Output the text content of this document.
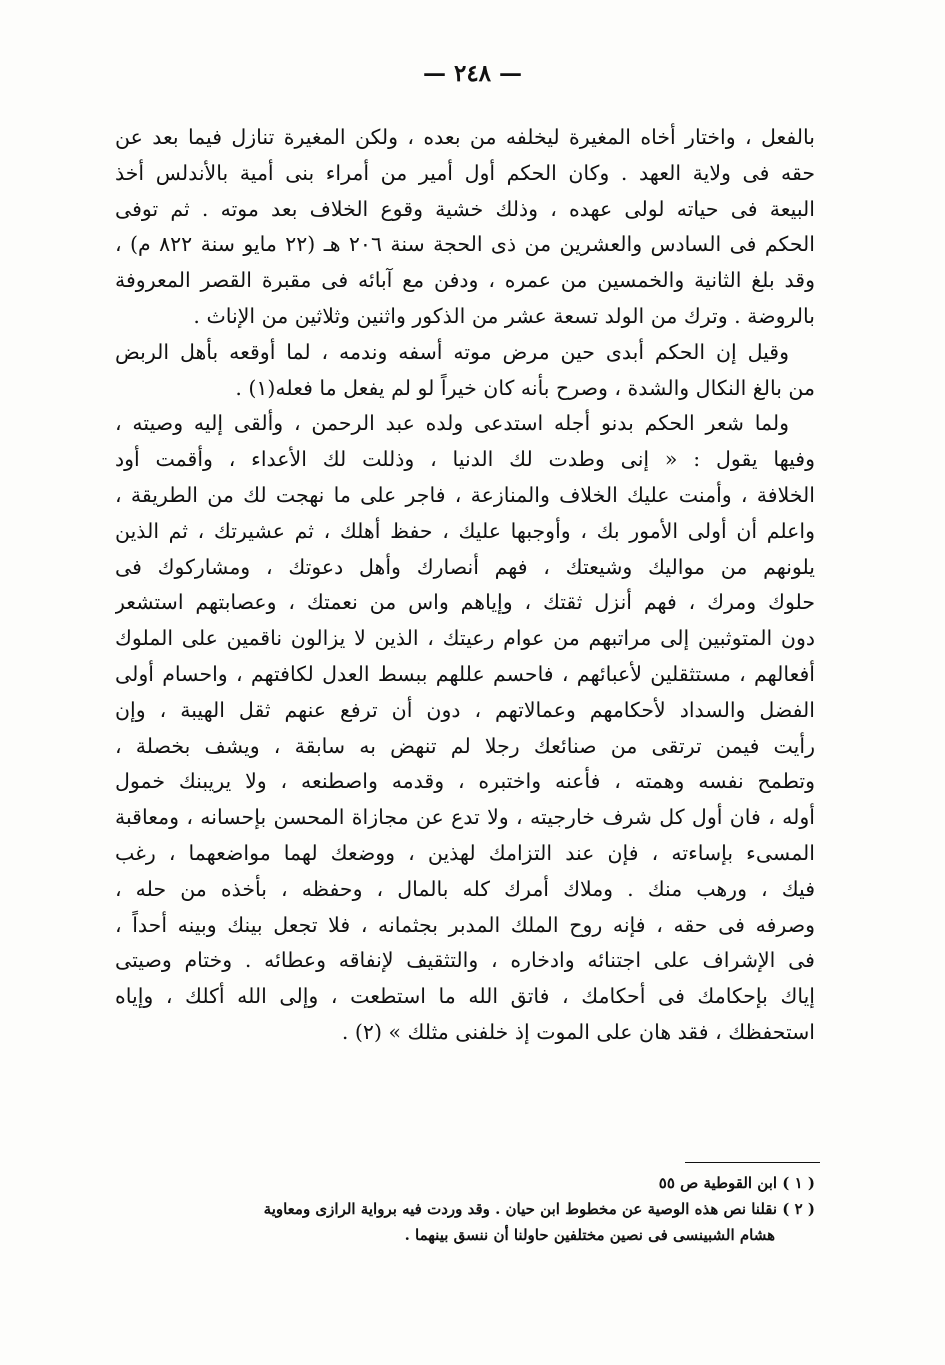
— ٢٤٨ —
بالفعل ، واختار أخاه المغيرة ليخلفه من بعده ، ولكن المغيرة تنازل فيما بعد عن
حقه فى ولاية العهد . وكان الحكم أول أمير من أمراء بنى أمية بالأندلس أخذ
البيعة فى حياته لولى عهده ، وذلك خشية وقوع الخلاف بعد موته . ثم توفى
الحكم فى السادس والعشرين من ذى الحجة سنة ٢٠٦ هـ (٢٢ مايو سنة ٨٢٢ م) ،
وقد بلغ الثانية والخمسين من عمره ، ودفن مع آبائه فى مقبرة القصر المعروفة
بالروضة . وترك من الولد تسعة عشر من الذكور واثنين وثلاثين من الإناث .
وقيل إن الحكم أبدى حين مرض موته أسفه وندمه ، لما أوقعه بأهل الربض
من بالغ النكال والشدة ، وصرح بأنه كان خيراً لو لم يفعل ما فعله(١) .
ولما شعر الحكم بدنو أجله استدعى ولده عبد الرحمن ، وألقى إليه وصيته ،
وفيها يقول : « إنى وطدت لك الدنيا ، وذللت لك الأعداء ، وأقمت أود
الخلافة ، وأمنت عليك الخلاف والمنازعة ، فاجر على ما نهجت لك من الطريقة ،
واعلم أن أولى الأمور بك ، وأوجبها عليك ، حفظ أهلك ، ثم عشيرتك ، ثم الذين
يلونهم من مواليك وشيعتك ، فهم أنصارك وأهل دعوتك ، ومشاركوك فى
حلوك ومرك ، فهم أنزل ثقتك ، وإياهم واس من نعمتك ، وعصابتهم استشعر
دون المتوثبين إلى مراتبهم من عوام رعيتك ، الذين لا يزالون ناقمين على الملوك
أفعالهم ، مستثقلين لأعبائهم ، فاحسم عللهم ببسط العدل لكافتهم ، واحسام أولى
الفضل والسداد لأحكامهم وعمالاتهم ، دون أن ترفع عنهم ثقل الهيبة ، وإن
رأيت فيمن ترتقى من صنائعك رجلا لم تنهض به سابقة ، ويشف بخصلة ،
وتطمح نفسه وهمته ، فأعنه واختبره ، وقدمه واصطنعه ، ولا يريبنك خمول
أوله ، فان أول كل شرف خارجيته ، ولا تدع عن مجازاة المحسن بإحسانه ، ومعاقبة
المسىء بإساءته ، فإن عند التزامك لهذين ، ووضعك لهما مواضعهما ، رغب
فيك ، ورهب منك . وملاك أمرك كله بالمال ، وحفظه ، بأخذه من حله ،
وصرفه فى حقه ، فإنه روح الملك المدبر بجثمانه ، فلا تجعل بينك وبينه أحداً ،
فى الإشراف على اجتنائه وادخاره ، والتثقيف لإنفاقه وعطائه . وختام وصيتى
إياك بإحكامك فى أحكامك ، فاتق الله ما استطعت ، وإلى الله أكلك ، وإياه
استحفظك ، فقد هان على الموت إذ خلفنى مثلك » (٢) .
( ١ ) ابن القوطية ص ٥٥
( ٢ ) نقلنا نص هذه الوصية عن مخطوط ابن حيان . وقد وردت فيه برواية الرازى ومعاوية
هشام الشبينسى فى نصين مختلفين حاولنا أن ننسق بينهما .
